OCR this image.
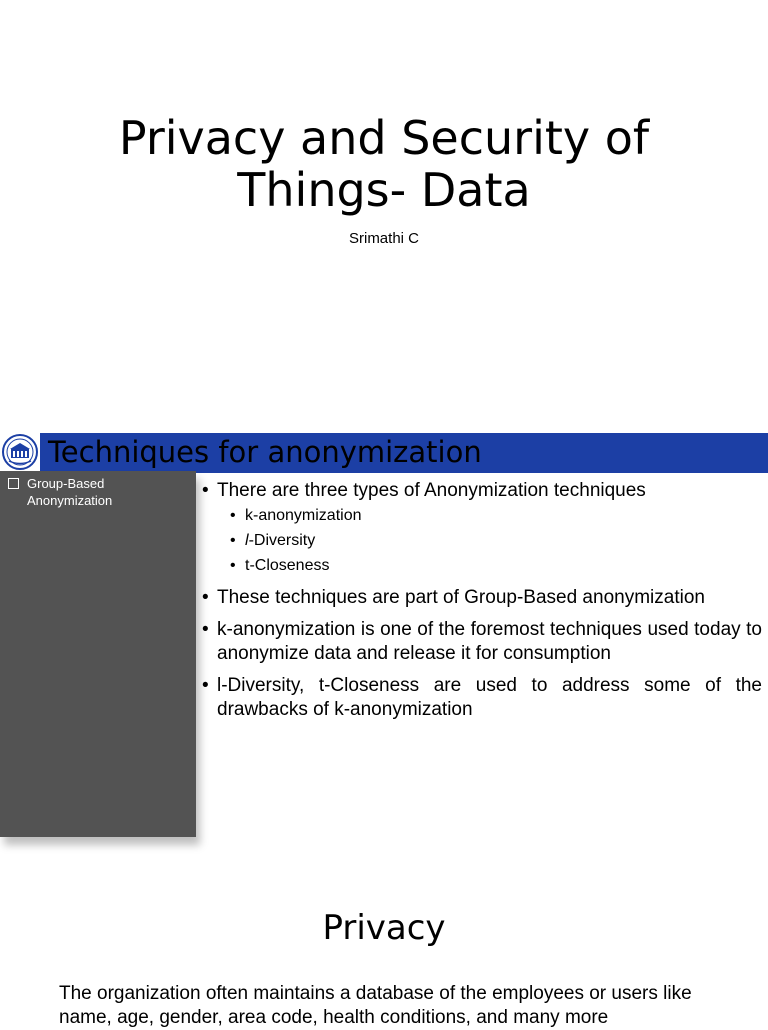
Privacy and Security of
Things- Data
Srimathi C
Techniques for anonymization
Group-Based Anonymization	• There are three types of Anonymization techniques
• k-anonymization
• l-Diversity
• t-Closeness
• These techniques are part of Group-Based anonymization
• k-anonymization is one of the foremost techniques used today to anonymize data and release it for consumption
• l-Diversity, t-Closeness are used to address some of the drawbacks of k-anonymization
Privacy
The organization often maintains a database of the employees or users like name, age, gender, area code, health conditions, and many more
